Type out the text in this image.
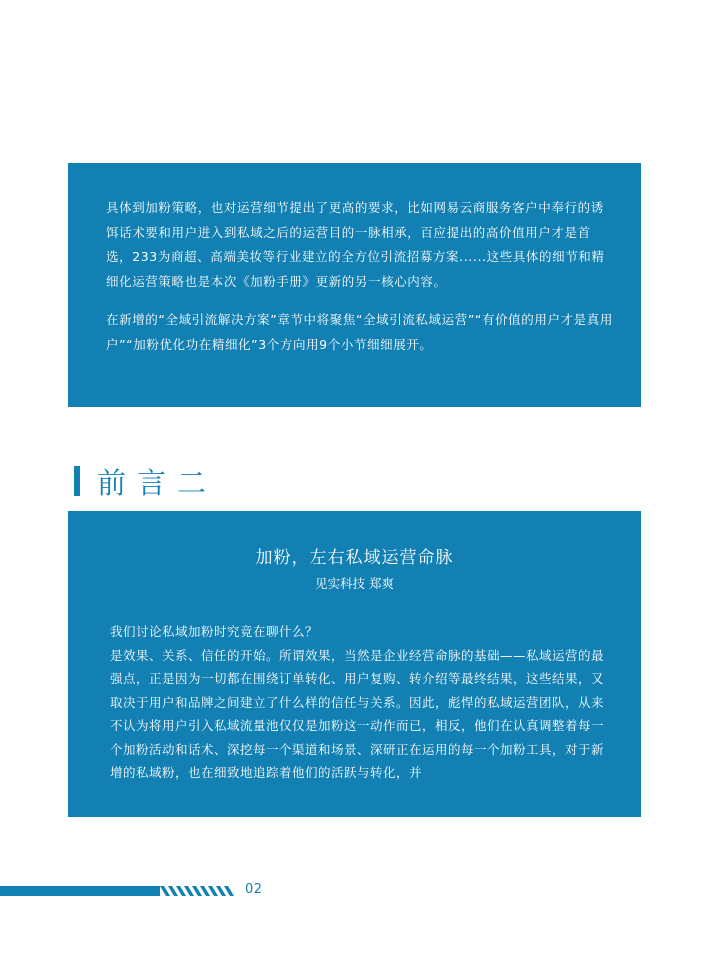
具体到加粉策略，也对运营细节提出了更高的要求，比如网易云商服务客户中奉行的诱饵话术要和用户进入到私域之后的运营目的一脉相承，百应提出的高价值用户才是首选，233为商超、高端美妆等行业建立的全方位引流招募方案......这些具体的细节和精细化运营策略也是本次《加粉手册》更新的另一核心内容。

在新增的“全域引流解决方案”章节中将聚焦“全域引流私域运营”“有价值的用户才是真用户”“加粉优化功在精细化”3个方向用9个小节细细展开。

前言二

加粉，左右私域运营命脉

见实科技 郑爽

我们讨论私域加粉时究竟在聊什么？

是效果、关系、信任的开始。所谓效果，当然是企业经营命脉的基础——私域运营的最强点，正是因为一切都在围绕订单转化、用户复购、转介绍等最终结果，这些结果，又取决于用户和品牌之间建立了什么样的信任与关系。因此，彪悍的私域运营团队，从来不认为将用户引入私域流量池仅仅是加粉这一动作而已，相反，他们在认真调整着每一个加粉活动和话术、深挖每一个渠道和场景、深研正在运用的每一个加粉工具，对于新增的私域粉，也在细致地追踪着他们的活跃与转化，并

02
